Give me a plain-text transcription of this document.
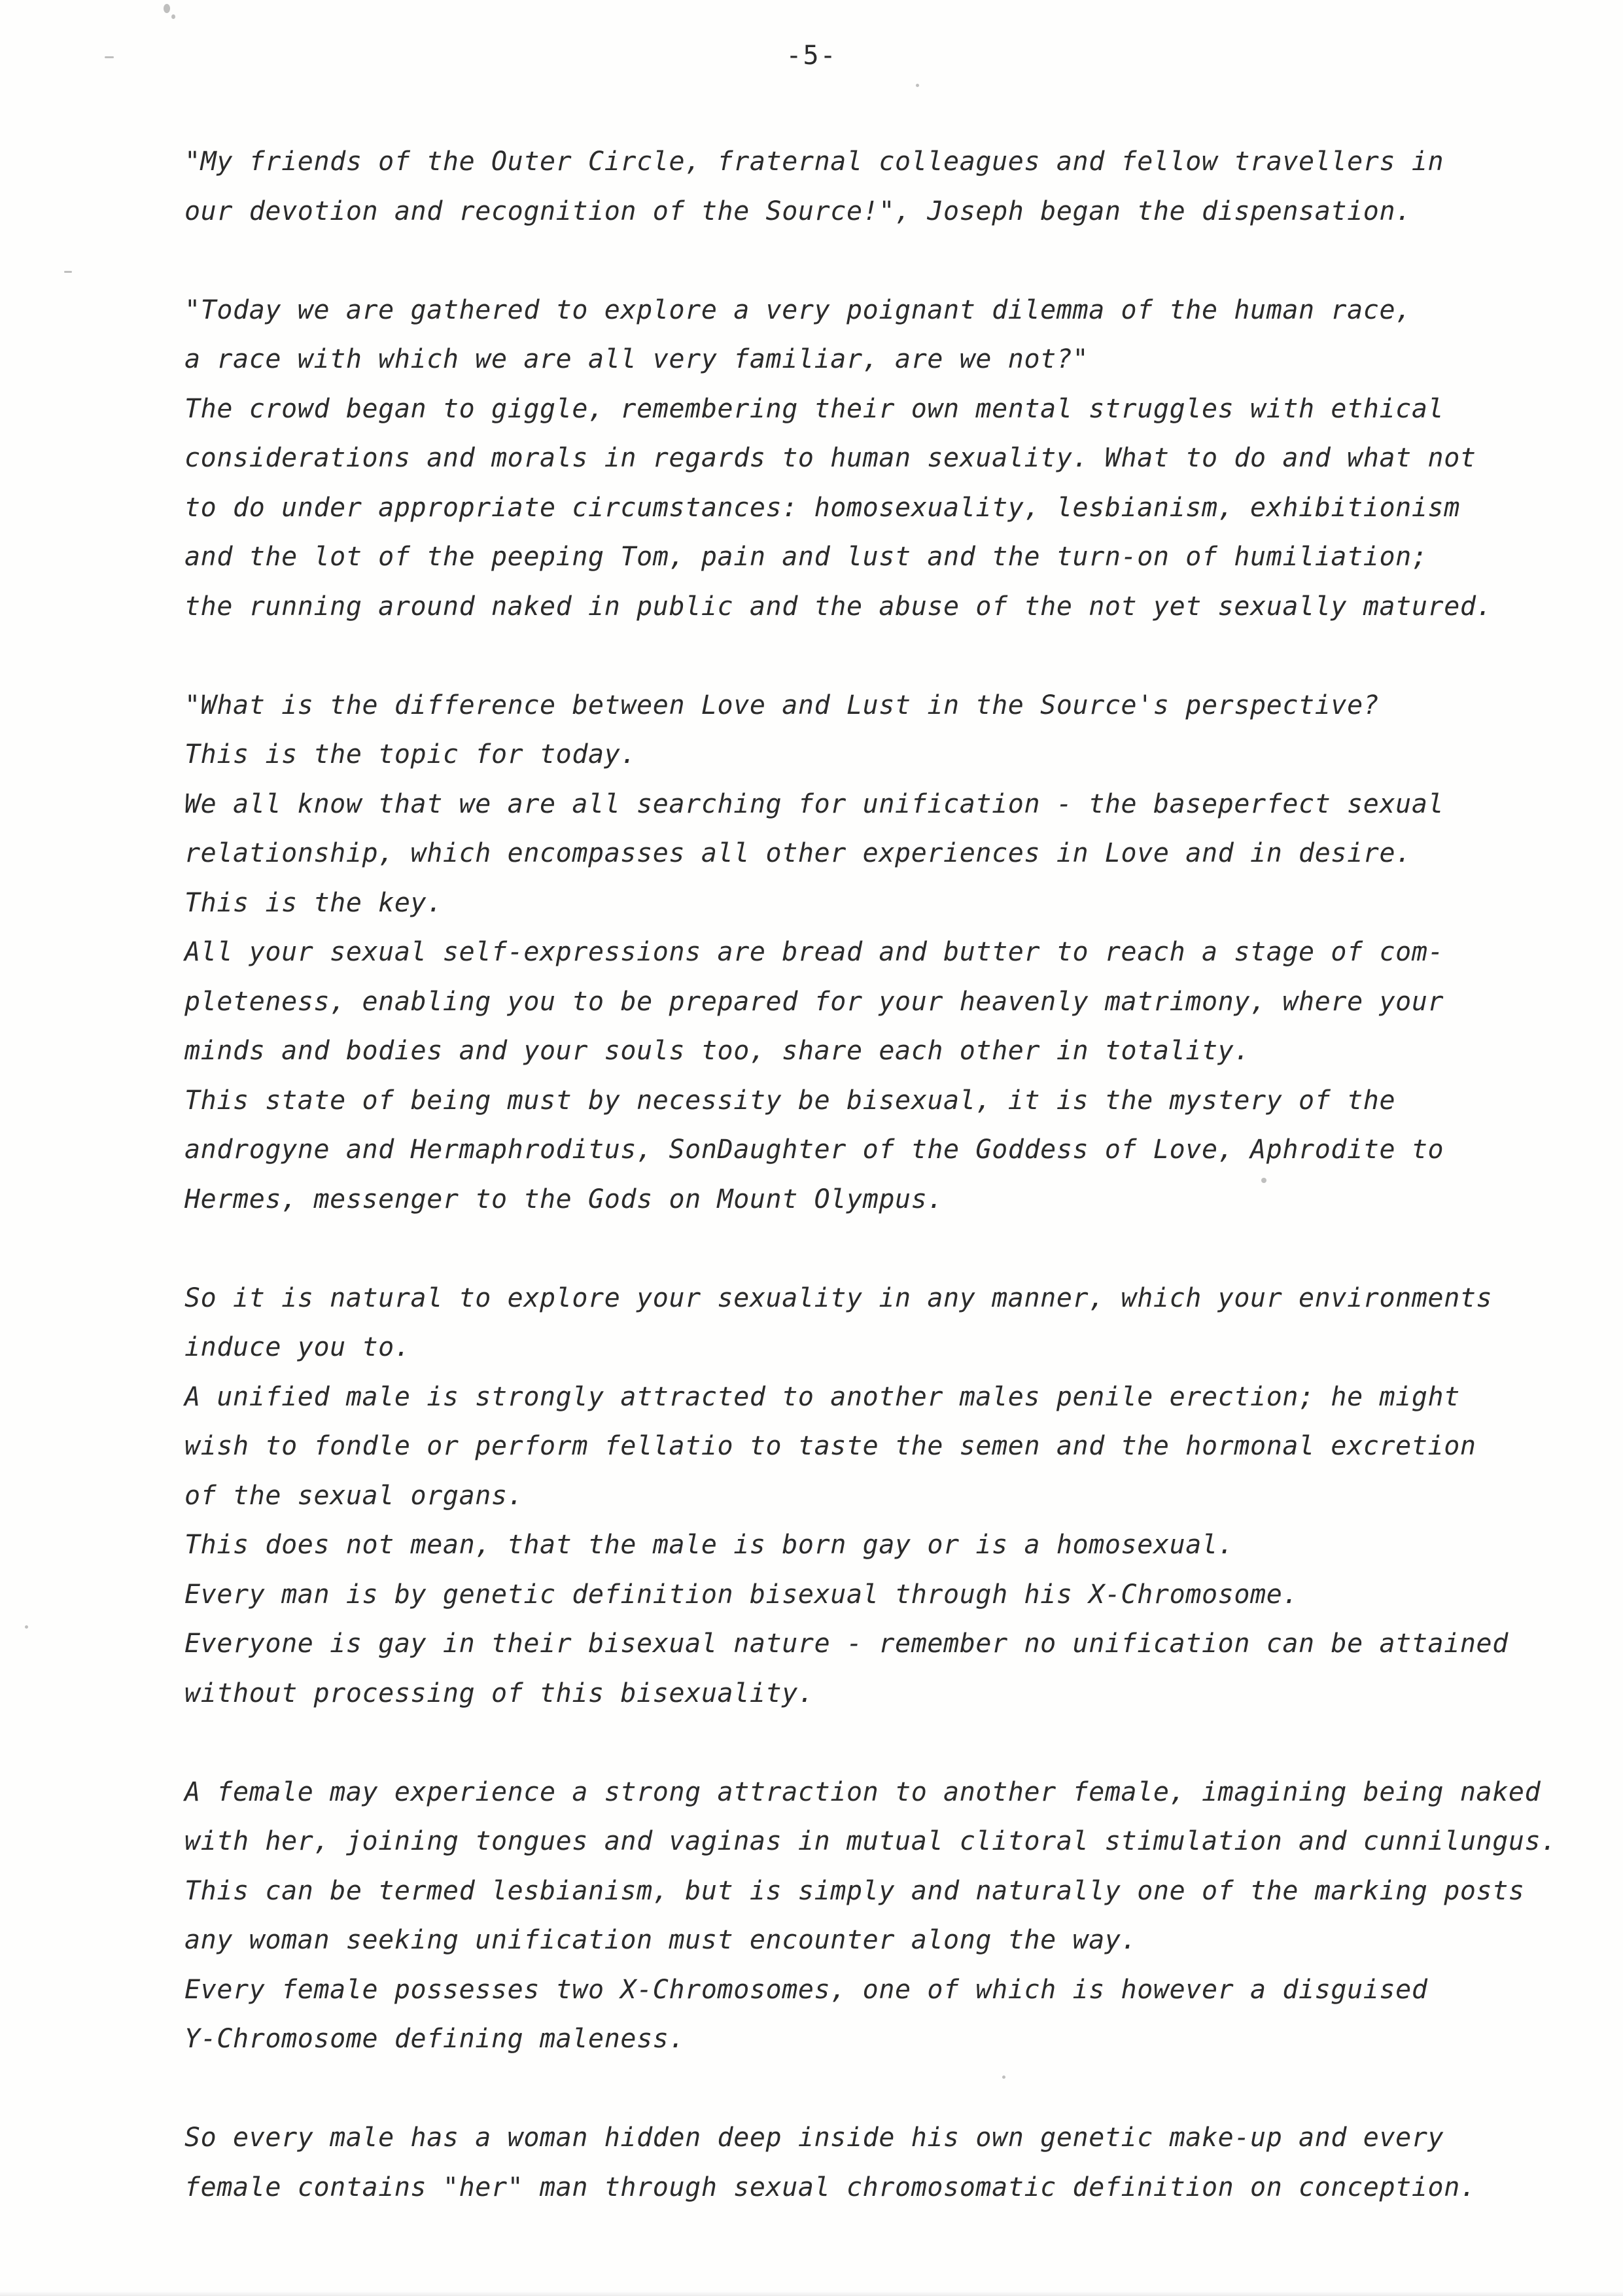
-5-
"My friends of the Outer Circle, fraternal colleagues and fellow travellers in
our devotion and recognition of the Source!", Joseph began the dispensation.
"Today we are gathered to explore a very poignant dilemma of the human race,
a race with which we are all very familiar, are we not?"
The crowd began to giggle, remembering their own mental struggles with ethical
considerations and morals in regards to human sexuality. What to do and what not
to do under appropriate circumstances: homosexuality, lesbianism, exhibitionism
and the lot of the peeping Tom, pain and lust and the turn-on of humiliation;
the running around naked in public and the abuse of the not yet sexually matured.
"What is the difference between Love and Lust in the Source's perspective?
This is the topic for today.
We all know that we are all searching for unification - the baseperfect sexual
relationship, which encompasses all other experiences in Love and in desire.
This is the key.
All your sexual self-expressions are bread and butter to reach a stage of com-
pleteness, enabling you to be prepared for your heavenly matrimony, where your
minds and bodies and your souls too, share each other in totality.
This state of being must by necessity be bisexual, it is the mystery of the
androgyne and Hermaphroditus, SonDaughter of the Goddess of Love, Aphrodite to
Hermes, messenger to the Gods on Mount Olympus.
So it is natural to explore your sexuality in any manner, which your environments
induce you to.
A unified male is strongly attracted to another males penile erection; he might
wish to fondle or perform fellatio to taste the semen and the hormonal excretion
of the sexual organs.
This does not mean, that the male is born gay or is a homosexual.
Every man is by genetic definition bisexual through his X-Chromosome.
Everyone is gay in their bisexual nature - remember no unification can be attained
without processing of this bisexuality.
A female may experience a strong attraction to another female, imagining being naked
with her, joining tongues and vaginas in mutual clitoral stimulation and cunnilungus.
This can be termed lesbianism, but is simply and naturally one of the marking posts
any woman seeking unification must encounter along the way.
Every female possesses two X-Chromosomes, one of which is however a disguised
Y-Chromosome defining maleness.
So every male has a woman hidden deep inside his own genetic make-up and every
female contains "her" man through sexual chromosomatic definition on conception.
